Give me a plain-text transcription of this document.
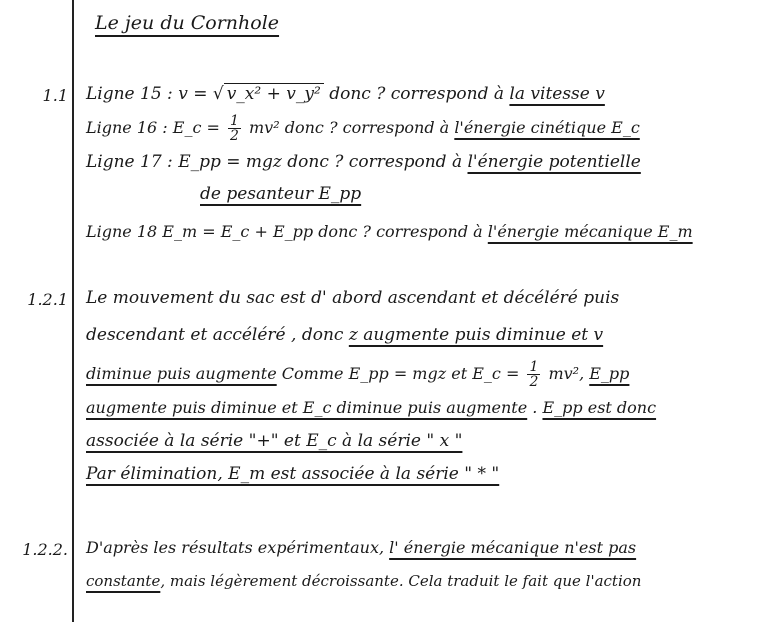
Le jeu du Cornhole
1.1 Ligne 15 : v = √ v_x² + v_y² donc ? correspond à la vitesse v
Ligne 16 : E_c = $\frac{1}{2} mv^2$ donc ? correspond à l'énergie cinétique E_c
Ligne 17 : E_pp = mgz donc ? correspond à l'énergie potentielle
de pesanteur E_pp
Ligne 18 E_m = E_c + E_pp donc ? correspond à l'énergie mécanique E_m
1.2.1 Le mouvement du sac est d' abord ascendant et décéléré puis
descendant et accéléré , donc z augmente puis diminue et v
diminue puis augmente Comme E_pp = mgz et E_c = $\frac{1}{2} mv^2$, E_pp
augmente puis diminue et E_c diminue puis augmente . E_pp est donc
associée à la série "+" et E_c à la série " x "
Par élimination, E_m est associée à la série " * "
1.2.2. D'après les résultats expérimentaux, l' énergie mécanique n'est pas
constante, mais légèrement décroissante. Cela traduit le fait que l'action
